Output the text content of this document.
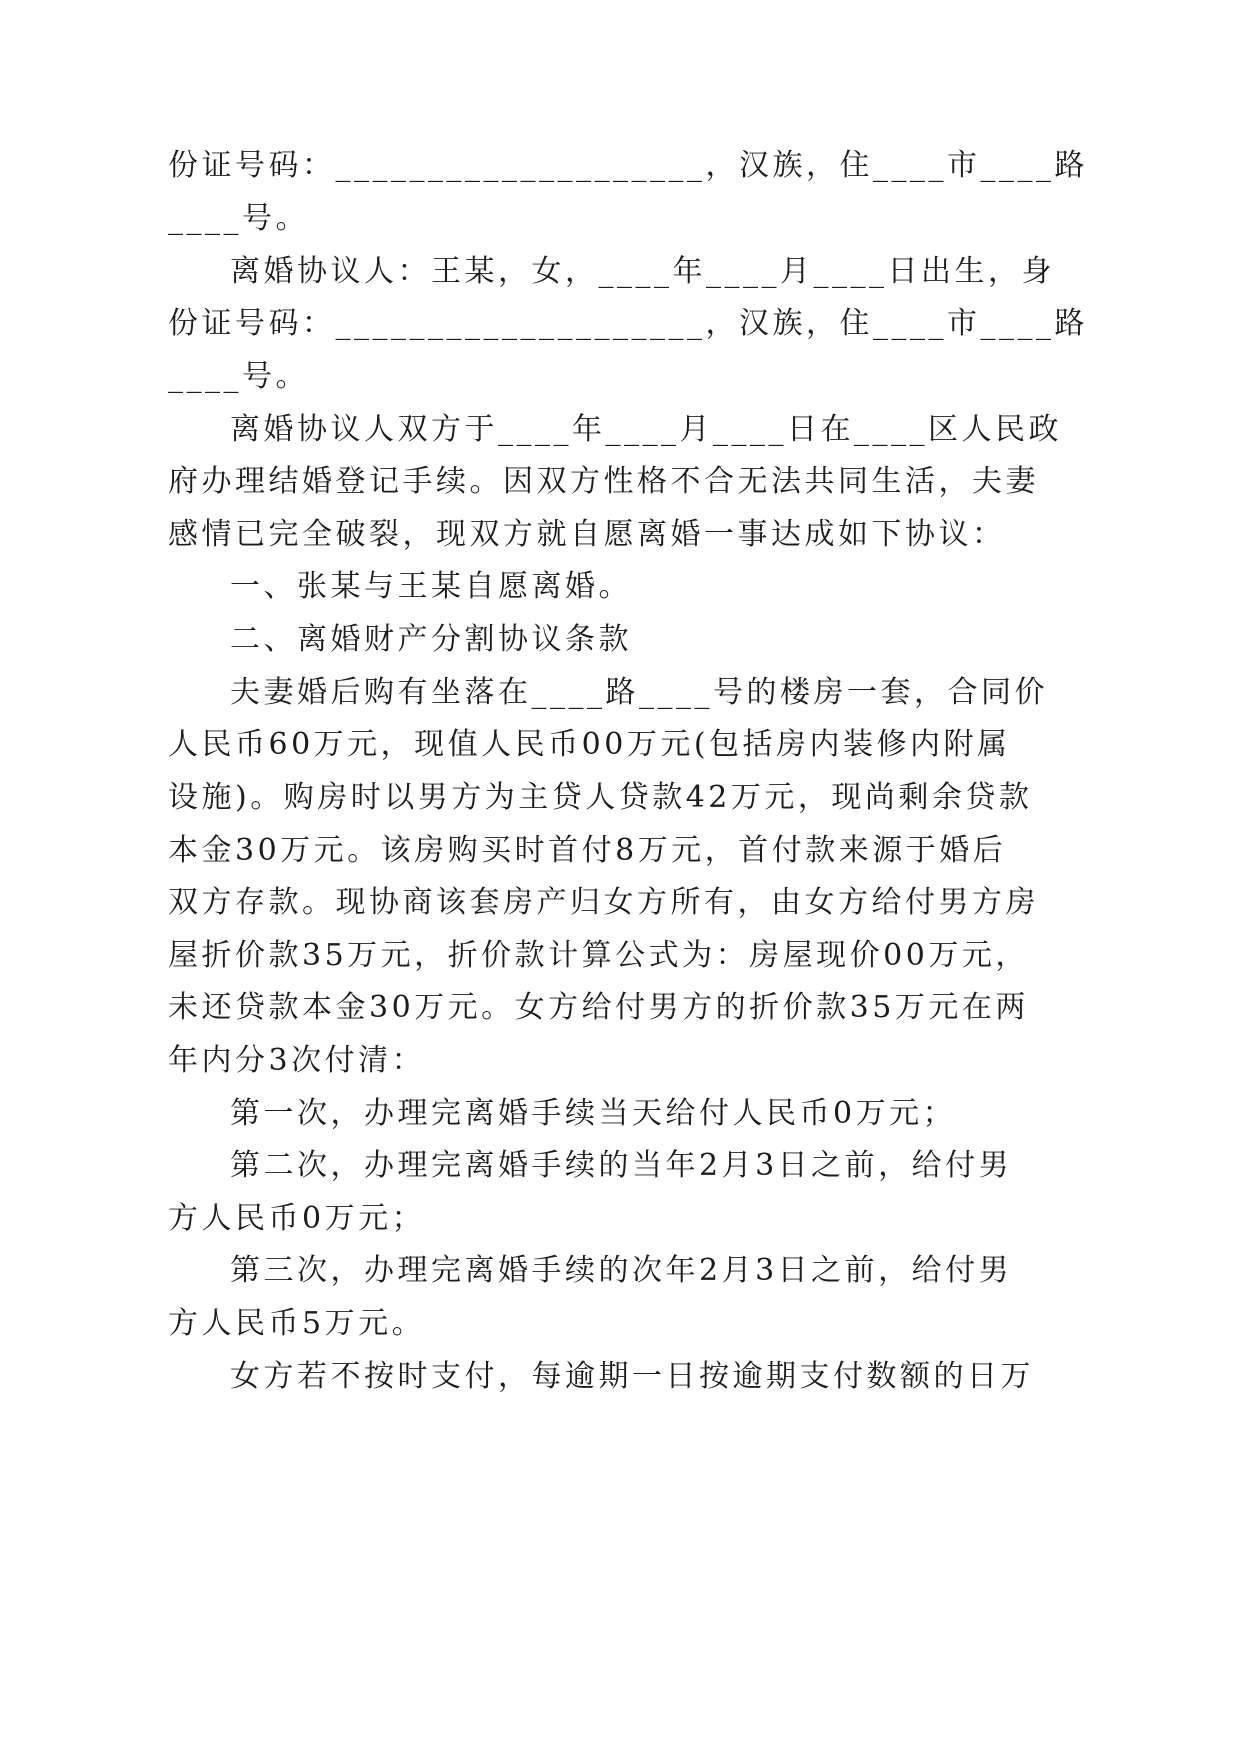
份证号码：____________________，汉族，住____市____路
____号。
离婚协议人：王某，女，____年____月____日出生，身
份证号码：____________________，汉族，住____市____路
____号。
离婚协议人双方于____年____月____日在____区人民政
府办理结婚登记手续。因双方性格不合无法共同生活，夫妻
感情已完全破裂，现双方就自愿离婚一事达成如下协议：
一、张某与王某自愿离婚。
二、离婚财产分割协议条款
夫妻婚后购有坐落在____路____号的楼房一套，合同价
人民币60万元，现值人民币00万元(包括房内装修内附属
设施)。购房时以男方为主贷人贷款42万元，现尚剩余贷款
本金30万元。该房购买时首付8万元，首付款来源于婚后
双方存款。现协商该套房产归女方所有，由女方给付男方房
屋折价款35万元，折价款计算公式为：房屋现价00万元，
未还贷款本金30万元。女方给付男方的折价款35万元在两
年内分3次付清：
第一次，办理完离婚手续当天给付人民币0万元；
第二次，办理完离婚手续的当年2月3日之前，给付男
方人民币0万元；
第三次，办理完离婚手续的次年2月3日之前，给付男
方人民币5万元。
女方若不按时支付，每逾期一日按逾期支付数额的日万
